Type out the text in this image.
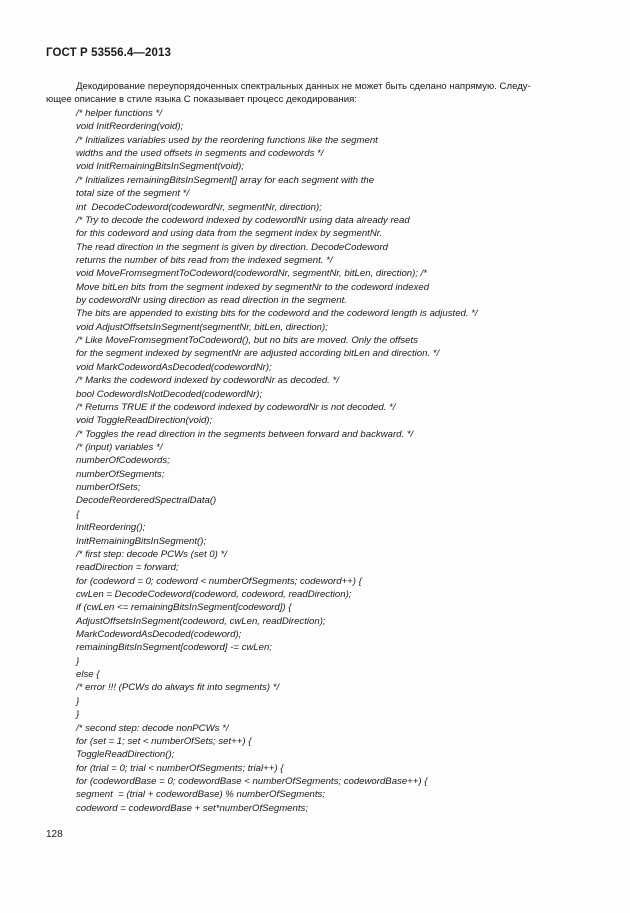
ГОСТ Р 53556.4—2013
Декодирование переупорядоченных спектральных данных не может быть сделано напрямую. Следу-
ющее описание в стиле языка C показывает процесс декодирования:
/* helper functions */
void InitReordering(void);
/* Initializes variables used by the reordering functions like the segment
widths and the used offsets in segments and codewords */
void InitRemainingBitsInSegment(void);
/* Initializes remainingBitsInSegment[] array for each segment with the
total size of the segment */
int  DecodeCodeword(codewordNr, segmentNr, direction);
/* Try to decode the codeword indexed by codewordNr using data already read
for this codeword and using data from the segment index by segmentNr.
The read direction in the segment is given by direction. DecodeCodeword
returns the number of bits read from the indexed segment. */
void MoveFromsegmentToCodeword(codewordNr, segmentNr, bitLen, direction); /*
Move bitLen bits from the segment indexed by segmentNr to the codeword indexed
by codewordNr using direction as read direction in the segment.
The bits are appended to existing bits for the codeword and the codeword length is adjusted. */
void AdjustOffsetsInSegment(segmentNr, bitLen, direction);
/* Like MoveFromsegmentToCodeword(), but no bits are moved. Only the offsets
for the segment indexed by segmentNr are adjusted according bitLen and direction. */
void MarkCodewordAsDecoded(codewordNr);
/* Marks the codeword indexed by codewordNr as decoded. */
bool CodewordIsNotDecoded(codewordNr);
/* Returns TRUE if the codeword indexed by codewordNr is not decoded. */
void ToggleReadDirection(void);
/* Toggles the read direction in the segments between forward and backward. */
/* (input) variables */
numberOfCodewords;
numberOfSegments;
numberOfSets;
DecodeReorderedSpectralData()
{
InitReordering();
InitRemainingBitsInSegment();
/* first step: decode PCWs (set 0) */
readDirection = forward;
for (codeword = 0; codeword < numberOfSegments; codeword++) {
cwLen = DecodeCodeword(codeword, codeword, readDirection);
if (cwLen <= remainingBitsInSegment[codeword]) {
AdjustOffsetsInSegment(codeword, cwLen, readDirection);
MarkCodewordAsDecoded(codeword);
remainingBitsInSegment[codeword] -= cwLen;
}
else {
/* error !!! (PCWs do always fit into segments) */
}
}
/* second step: decode nonPCWs */
for (set = 1; set < numberOfSets; set++) {
ToggleReadDirection();
for (trial = 0; trial < numberOfSegments; trial++) {
for (codewordBase = 0; codewordBase < numberOfSegments; codewordBase++) {
segment  = (trial + codewordBase) % numberOfSegments;
codeword = codewordBase + set*numberOfSegments;
128
